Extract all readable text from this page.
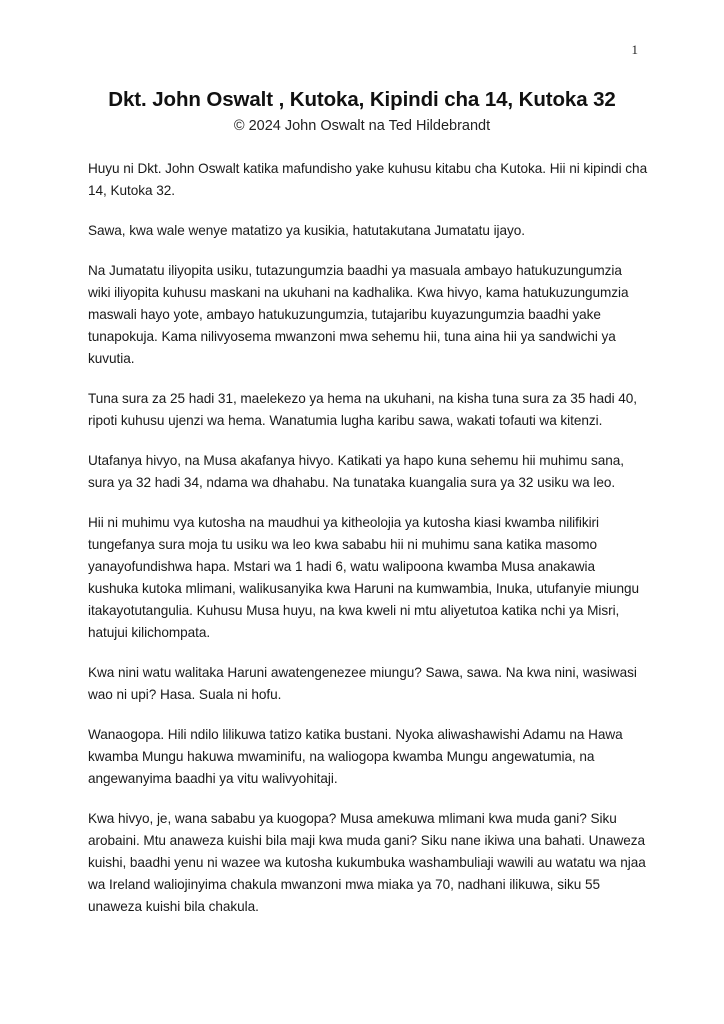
1
Dkt. John Oswalt , Kutoka, Kipindi cha 14, Kutoka 32
© 2024 John Oswalt na Ted Hildebrandt

Huyu ni Dkt. John Oswalt katika mafundisho yake kuhusu kitabu cha Kutoka. Hii ni kipindi cha 14, Kutoka 32.

Sawa, kwa wale wenye matatizo ya kusikia, hatutakutana Jumatatu ijayo.

Na Jumatatu iliyopita usiku, tutazungumzia baadhi ya masuala ambayo hatukuzungumzia wiki iliyopita kuhusu maskani na ukuhani na kadhalika. Kwa hivyo, kama hatukuzungumzia maswali hayo yote, ambayo hatukuzungumzia, tutajaribu kuyazungumzia baadhi yake tunapokuja. Kama nilivyosema mwanzoni mwa sehemu hii, tuna aina hii ya sandwichi ya kuvutia.

Tuna sura za 25 hadi 31, maelekezo ya hema na ukuhani, na kisha tuna sura za 35 hadi 40, ripoti kuhusu ujenzi wa hema. Wanatumia lugha karibu sawa, wakati tofauti wa kitenzi.

Utafanya hivyo, na Musa akafanya hivyo. Katikati ya hapo kuna sehemu hii muhimu sana, sura ya 32 hadi 34, ndama wa dhahabu. Na tunataka kuangalia sura ya 32 usiku wa leo.

Hii ni muhimu vya kutosha na maudhui ya kitheolojia ya kutosha kiasi kwamba nilifikiri tungefanya sura moja tu usiku wa leo kwa sababu hii ni muhimu sana katika masomo yanayofundishwa hapa. Mstari wa 1 hadi 6, watu walipoona kwamba Musa anakawia kushuka kutoka mlimani, walikusanyika kwa Haruni na kumwambia, Inuka, utufanyie miungu itakayotutangulia. Kuhusu Musa huyu, na kwa kweli ni mtu aliyetutoa katika nchi ya Misri, hatujui kilichompata.

Kwa nini watu walitaka Haruni awatengenezee miungu? Sawa, sawa. Na kwa nini, wasiwasi wao ni upi? Hasa. Suala ni hofu.

Wanaogopa. Hili ndilo lilikuwa tatizo katika bustani. Nyoka aliwashawishi Adamu na Hawa kwamba Mungu hakuwa mwaminifu, na waliogopa kwamba Mungu angewatumia, na angewanyima baadhi ya vitu walivyohitaji.

Kwa hivyo, je, wana sababu ya kuogopa? Musa amekuwa mlimani kwa muda gani? Siku arobaini. Mtu anaweza kuishi bila maji kwa muda gani? Siku nane ikiwa una bahati. Unaweza kuishi, baadhi yenu ni wazee wa kutosha kukumbuka washambuliaji wawili au watatu wa njaa wa Ireland waliojinyima chakula mwanzoni mwa miaka ya 70, nadhani ilikuwa, siku 55 unaweza kuishi bila chakula.
